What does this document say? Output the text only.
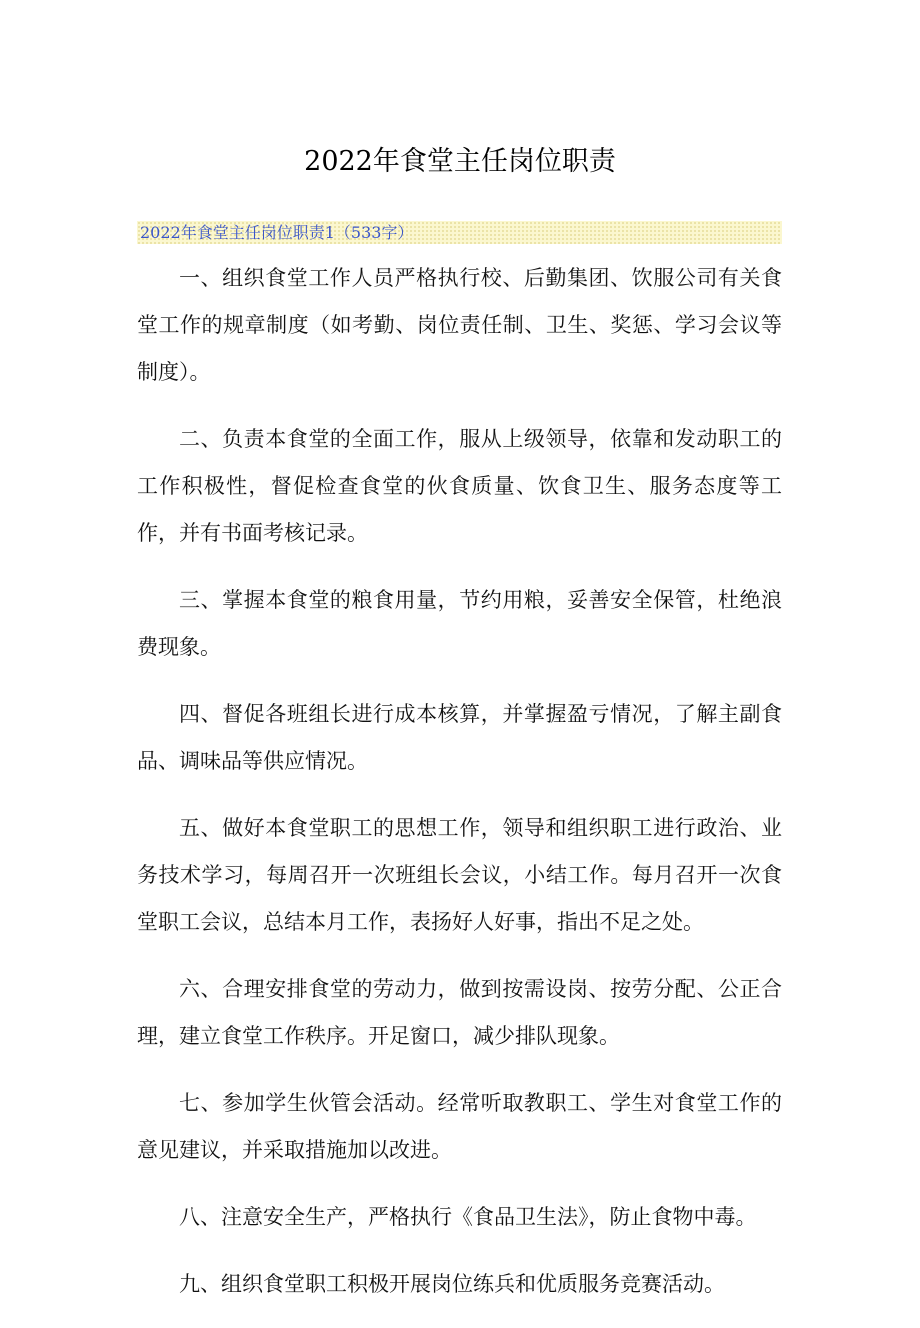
2022年食堂主任岗位职责
2022年食堂主任岗位职责1（533字）

一、组织食堂工作人员严格执行校、后勤集团、饮服公司有关食堂工作的规章制度（如考勤、岗位责任制、卫生、奖惩、学习会议等制度）。

二、负责本食堂的全面工作，服从上级领导，依靠和发动职工的工作积极性，督促检查食堂的伙食质量、饮食卫生、服务态度等工作，并有书面考核记录。

三、掌握本食堂的粮食用量，节约用粮，妥善安全保管，杜绝浪费现象。

四、督促各班组长进行成本核算，并掌握盈亏情况，了解主副食品、调味品等供应情况。

五、做好本食堂职工的思想工作，领导和组织职工进行政治、业务技术学习，每周召开一次班组长会议，小结工作。每月召开一次食堂职工会议，总结本月工作，表扬好人好事，指出不足之处。

六、合理安排食堂的劳动力，做到按需设岗、按劳分配、公正合理，建立食堂工作秩序。开足窗口，减少排队现象。

七、参加学生伙管会活动。经常听取教职工、学生对食堂工作的意见建议，并采取措施加以改进。

八、注意安全生产，严格执行《食品卫生法》，防止食物中毒。

九、组织食堂职工积极开展岗位练兵和优质服务竞赛活动。
